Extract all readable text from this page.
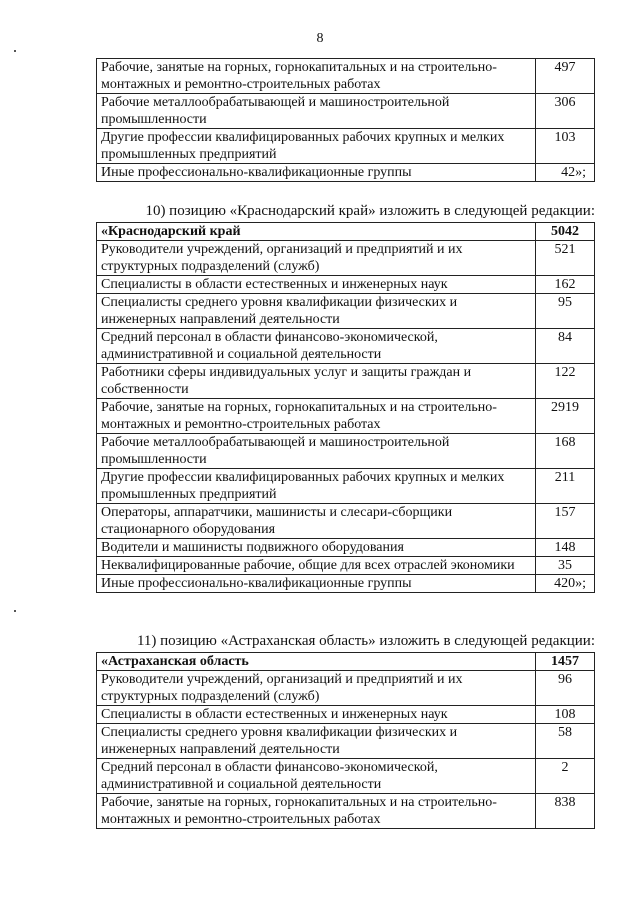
8
Рабочие, занятые на горных, горнокапитальных и на строительно-монтажных и ремонтно-строительных работах	497
Рабочие металлообрабатывающей и машиностроительной промышленности	306
Другие профессии квалифицированных рабочих крупных и мелких промышленных предприятий	103
Иные профессионально-квалификационные группы	42»;
10) позицию «Краснодарский край» изложить в следующей редакции:
«Краснодарский край	5042
Руководители учреждений, организаций и предприятий и их структурных подразделений (служб)	521
Специалисты в области естественных и инженерных наук	162
Специалисты среднего уровня квалификации физических и инженерных направлений деятельности	95
Средний персонал в области финансово-экономической, административной и социальной деятельности	84
Работники сферы индивидуальных услуг и защиты граждан и собственности	122
Рабочие, занятые на горных, горнокапитальных и на строительно-монтажных и ремонтно-строительных работах	2919
Рабочие металлообрабатывающей и машиностроительной промышленности	168
Другие профессии квалифицированных рабочих крупных и мелких промышленных предприятий	211
Операторы, аппаратчики, машинисты и слесари-сборщики стационарного оборудования	157
Водители и машинисты подвижного оборудования	148
Неквалифицированные рабочие, общие для всех отраслей экономики	35
Иные профессионально-квалификационные группы	420»;
11) позицию «Астраханская область» изложить в следующей редакции:
«Астраханская область	1457
Руководители учреждений, организаций и предприятий и их структурных подразделений (служб)	96
Специалисты в области естественных и инженерных наук	108
Специалисты среднего уровня квалификации физических и инженерных направлений деятельности	58
Средний персонал в области финансово-экономической, административной и социальной деятельности	2
Рабочие, занятые на горных, горнокапитальных и на строительно-монтажных и ремонтно-строительных работах	838
